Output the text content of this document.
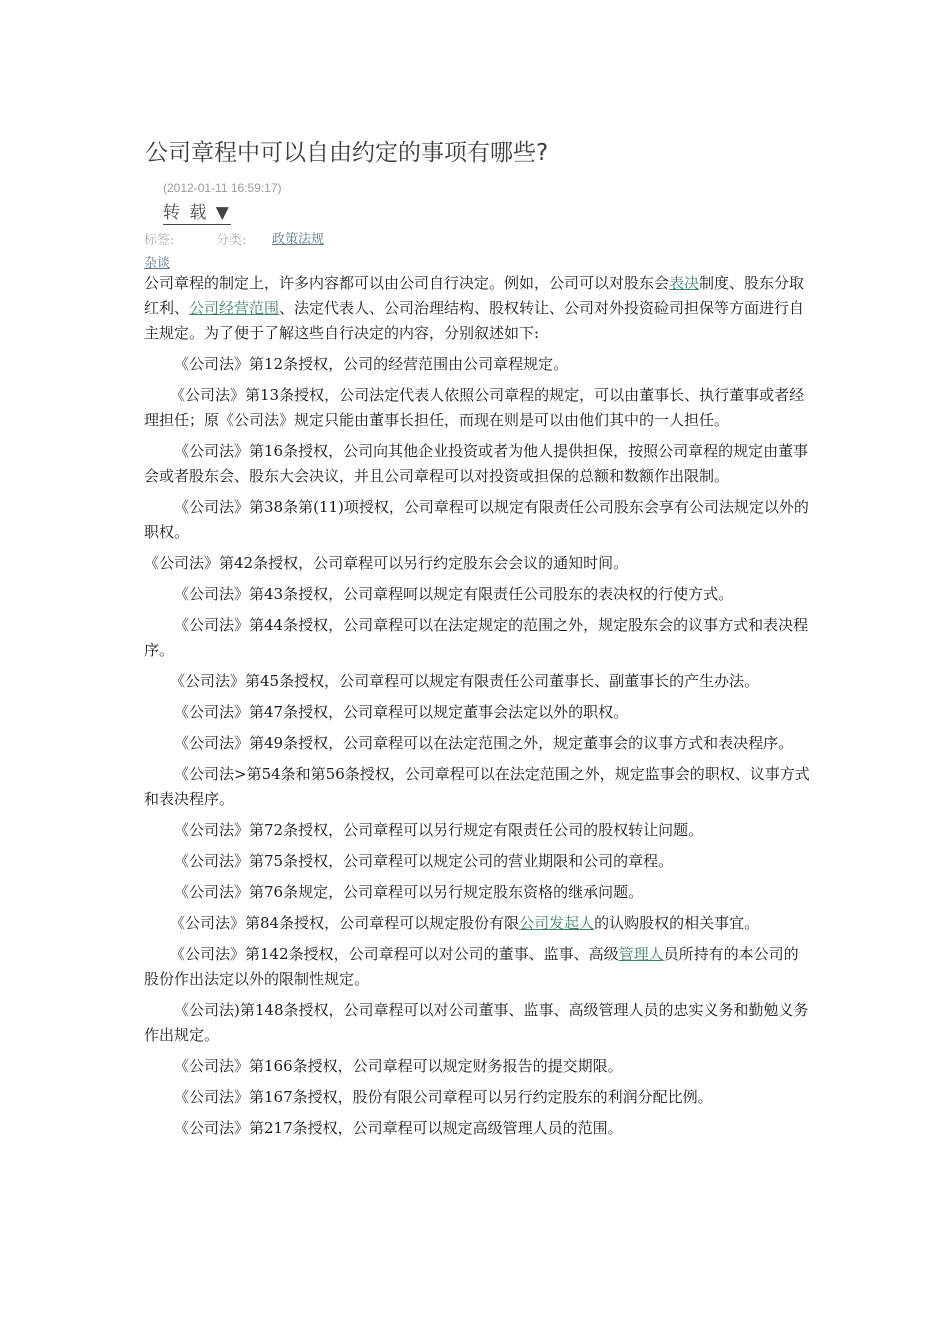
公司章程中可以自由约定的事项有哪些?
(2012-01-11 16:59:17)
转 载 ▼
标签:	分类: 政策法规
杂谈

公司章程的制定上，许多内容都可以由公司自行决定。例如，公司可以对股东会表决制度、股东分取红利、公司经营范围、法定代表人、公司治理结构、股权转让、公司对外投资硷司担保等方面进行自主规定。为了便于了解这些自行决定的内容，分别叙述如下:

《公司法》第12条授权，公司的经营范围由公司章程规定。

《公司法》第13条授权，公司法定代表人依照公司章程的规定，可以由董事长、执行董事或者经理担任；原《公司法》规定只能由董事长担任，而现在则是可以由他们其中的一人担任。

《公司法》第16条授权，公司向其他企业投资或者为他人提供担保，按照公司章程的规定由董事会或者股东会、股东大会决议，并且公司章程可以对投资或担保的总额和数额作出限制。

《公司法》第38条第(11)项授权，公司章程可以规定有限责任公司股东会享有公司法规定以外的职权。

《公司法》第42条授权，公司章程可以另行约定股东会会议的通知时间。

《公司法》第43条授权，公司章程呵以规定有限责任公司股东的表决权的行使方式。

《公司法》第44条授权，公司章程可以在法定规定的范围之外，规定股东会的议事方式和表决程序。

《公司法》第45条授权，公司章程可以规定有限责任公司董事长、副董事长的产生办法。

《公司法》第47条授权，公司章程可以规定董事会法定以外的职权。

《公司法》第49条授权，公司章程可以在法定范围之外，规定董事会的议事方式和表决程序。

《公司法>第54条和第56条授权，公司章程可以在法定范围之外，规定监事会的职权、议事方式和表决程序。

《公司法》第72条授权，公司章程可以另行规定有限责任公司的股权转让问题。

《公司法》第75条授权，公司章程可以规定公司的营业期限和公司的章程。

《公司法》第76条规定，公司章程可以另行规定股东资格的继承问题。

《公司法》第84条授权，公司章程可以规定股份有限公司发起人的认购股权的相关事宜。

《公司法》第142条授权，公司章程可以对公司的董事、监事、高级管理人员所持有的本公司的股份作出法定以外的限制性规定。

《公司法)第148条授权，公司章程可以对公司董事、监事、高级管理人员的忠实义务和勤勉义务作出规定。

《公司法》第166条授权，公司章程可以规定财务报告的提交期限。

《公司法》第167条授权，股份有限公司章程可以另行约定股东的利润分配比例。

《公司法》第217条授权，公司章程可以规定高级管理人员的范围。
